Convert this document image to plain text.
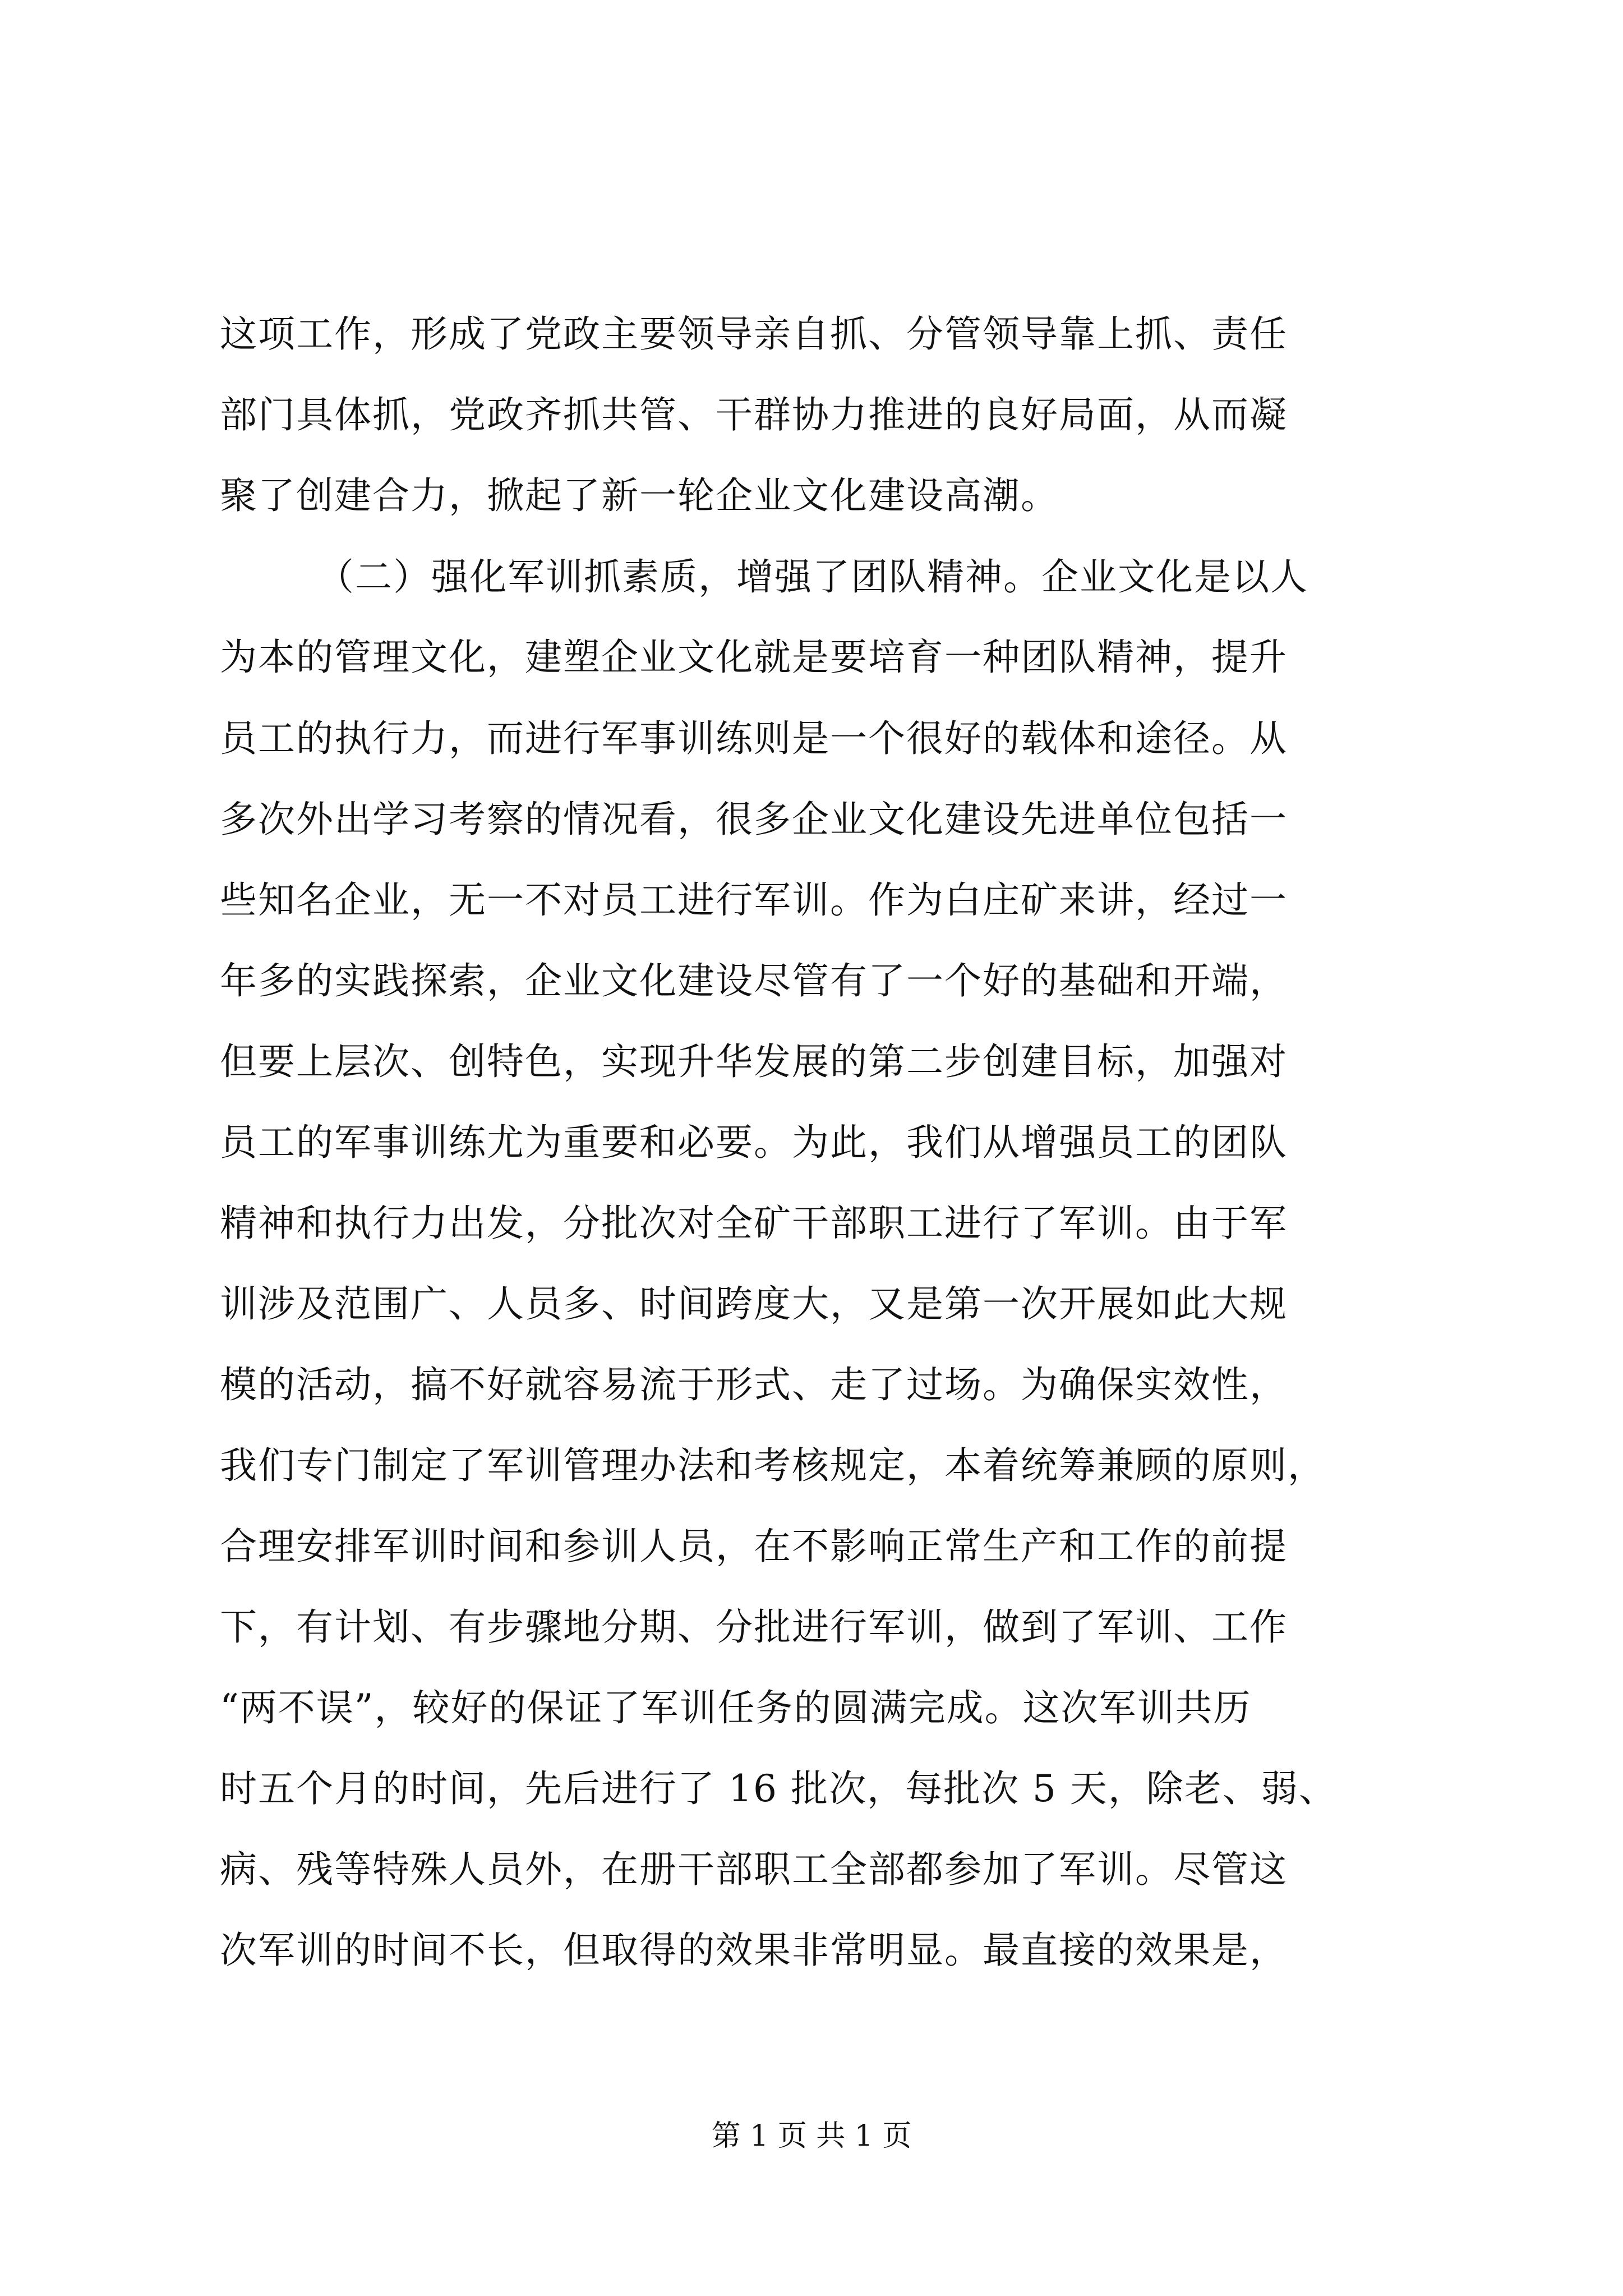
这项工作，形成了党政主要领导亲自抓、分管领导靠上抓、责任

部门具体抓，党政齐抓共管、干群协力推进的良好局面，从而凝

聚了创建合力，掀起了新一轮企业文化建设高潮。

（二）强化军训抓素质，增强了团队精神。企业文化是以人

为本的管理文化，建塑企业文化就是要培育一种团队精神，提升

员工的执行力，而进行军事训练则是一个很好的载体和途径。从

多次外出学习考察的情况看，很多企业文化建设先进单位包括一

些知名企业，无一不对员工进行军训。作为白庄矿来讲，经过一

年多的实践探索，企业文化建设尽管有了一个好的基础和开端，

但要上层次、创特色，实现升华发展的第二步创建目标，加强对

员工的军事训练尤为重要和必要。为此，我们从增强员工的团队

精神和执行力出发，分批次对全矿干部职工进行了军训。由于军

训涉及范围广、人员多、时间跨度大，又是第一次开展如此大规

模的活动，搞不好就容易流于形式、走了过场。为确保实效性，

我们专门制定了军训管理办法和考核规定，本着统筹兼顾的原则，

合理安排军训时间和参训人员，在不影响正常生产和工作的前提

下，有计划、有步骤地分期、分批进行军训，做到了军训、工作

“两不误”，较好的保证了军训任务的圆满完成。这次军训共历

时五个月的时间，先后进行了 16 批次，每批次 5 天，除老、弱、

病、残等特殊人员外，在册干部职工全部都参加了军训。尽管这

次军训的时间不长，但取得的效果非常明显。最直接的效果是，

第 1 页 共 1 页
